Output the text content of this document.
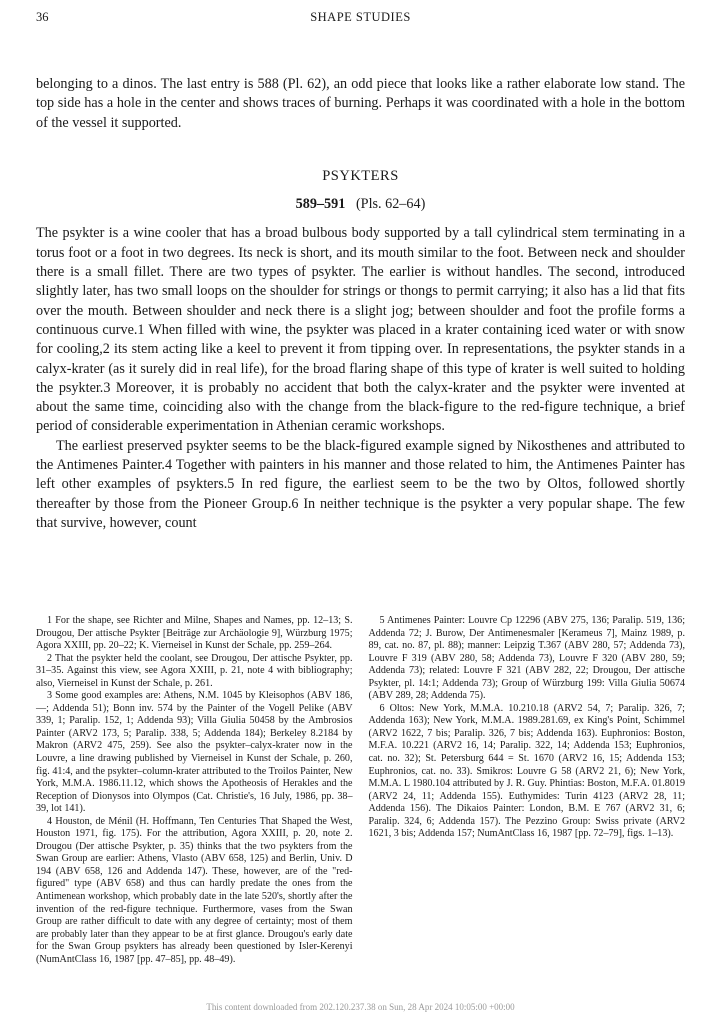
36	SHAPE STUDIES

belonging to a dinos. The last entry is 588 (Pl. 62), an odd piece that looks like a rather elaborate low stand. The top side has a hole in the center and shows traces of burning. Perhaps it was coordinated with a hole in the bottom of the vessel it supported.

PSYKTERS
589–591 (Pls. 62–64)

The psykter is a wine cooler that has a broad bulbous body supported by a tall cylindrical stem terminating in a torus foot or a foot in two degrees. Its neck is short, and its mouth similar to the foot. Between neck and shoulder there is a small fillet. There are two types of psykter. The earlier is without handles. The second, introduced slightly later, has two small loops on the shoulder for strings or thongs to permit carrying; it also has a lid that fits over the mouth. Between shoulder and neck there is a slight jog; between shoulder and foot the profile forms a continuous curve.1 When filled with wine, the psykter was placed in a krater containing iced water or with snow for cooling,2 its stem acting like a keel to prevent it from tipping over. In representations, the psykter stands in a calyx-krater (as it surely did in real life), for the broad flaring shape of this type of krater is well suited to holding the psykter.3 Moreover, it is probably no accident that both the calyx-krater and the psykter were invented at about the same time, coinciding also with the change from the black-figure to the red-figure technique, a brief period of considerable experimentation in Athenian ceramic workshops.

The earliest preserved psykter seems to be the black-figured example signed by Nikosthenes and attributed to the Antimenes Painter.4 Together with painters in his manner and those related to him, the Antimenes Painter has left other examples of psykters.5 In red figure, the earliest seem to be the two by Oltos, followed shortly thereafter by those from the Pioneer Group.6 In neither technique is the psykter a very popular shape. The few that survive, however, count

1 For the shape, see Richter and Milne, Shapes and Names, pp. 12–13; S. Drougou, Der attische Psykter [Beiträge zur Archäologie 9], Würzburg 1975; Agora XXIII, pp. 20–22; K. Vierneisel in Kunst der Schale, pp. 259–264.

2 That the psykter held the coolant, see Drougou, Der attische Psykter, pp. 31–35. Against this view, see Agora XXIII, p. 21, note 4 with bibliography; also, Vierneisel in Kunst der Schale, p. 261.

3 Some good examples are: Athens, N.M. 1045 by Kleisophos (ABV 186, —; Addenda 51); Bonn inv. 574 by the Painter of the Vogell Pelike (ABV 339, 1; Paralip. 152, 1; Addenda 93); Villa Giulia 50458 by the Ambrosios Painter (ARV2 173, 5; Paralip. 338, 5; Addenda 184); Berkeley 8.2184 by Makron (ARV2 475, 259). See also the psykter–calyx-krater now in the Louvre, a line drawing published by Vierneisel in Kunst der Schale, p. 260, fig. 41:4, and the psykter–column-krater attributed to the Troilos Painter, New York, M.M.A. 1986.11.12, which shows the Apotheosis of Herakles and the Reception of Dionysos into Olympos (Cat. Christie's, 16 July, 1986, pp. 38–39, lot 141).

4 Houston, de Ménil (H. Hoffmann, Ten Centuries That Shaped the West, Houston 1971, fig. 175). For the attribution, Agora XXIII, p. 20, note 2. Drougou (Der attische Psykter, p. 35) thinks that the two psykters from the Swan Group are earlier: Athens, Vlasto (ABV 658, 125) and Berlin, Univ. D 194 (ABV 658, 126 and Addenda 147). These, however, are of the "red-figured" type (ABV 658) and thus can hardly predate the ones from the Antimenean workshop, which probably date in the late 520's, shortly after the invention of the red-figure technique. Furthermore, vases from the Swan Group are rather difficult to date with any degree of certainty; most of them are probably later than they appear to be at first glance. Drougou's early date for the Swan Group psykters has already been questioned by Isler-Kerenyi (NumAntClass 16, 1987 [pp. 47–85], pp. 48–49).

5 Antimenes Painter: Louvre Cp 12296 (ABV 275, 136; Paralip. 519, 136; Addenda 72; J. Burow, Der Antimenesmaler [Kerameus 7], Mainz 1989, p. 89, cat. no. 87, pl. 88); manner: Leipzig T.367 (ABV 280, 57; Addenda 73), Louvre F 319 (ABV 280, 58; Addenda 73), Louvre F 320 (ABV 280, 59; Addenda 73); related: Louvre F 321 (ABV 282, 22; Drougou, Der attische Psykter, pl. 14:1; Addenda 73); Group of Würzburg 199: Villa Giulia 50674 (ABV 289, 28; Addenda 75).

6 Oltos: New York, M.M.A. 10.210.18 (ARV2 54, 7; Paralip. 326, 7; Addenda 163); New York, M.M.A. 1989.281.69, ex King's Point, Schimmel (ARV2 1622, 7 bis; Paralip. 326, 7 bis; Addenda 163). Euphronios: Boston, M.F.A. 10.221 (ARV2 16, 14; Paralip. 322, 14; Addenda 153; Euphronios, cat. no. 32); St. Petersburg 644 = St. 1670 (ARV2 16, 15; Addenda 153; Euphronios, cat. no. 33). Smikros: Louvre G 58 (ARV2 21, 6); New York, M.M.A. L 1980.104 attributed by J. R. Guy. Phintias: Boston, M.F.A. 01.8019 (ARV2 24, 11; Addenda 155). Euthymides: Turin 4123 (ARV2 28, 11; Addenda 156). The Dikaios Painter: London, B.M. E 767 (ARV2 31, 6; Paralip. 324, 6; Addenda 157). The Pezzino Group: Swiss private (ARV2 1621, 3 bis; Addenda 157; NumAntClass 16, 1987 [pp. 72–79], figs. 1–13).

This content downloaded from 202.120.237.38 on Sun, 28 Apr 2024 10:05:00 +00:00
